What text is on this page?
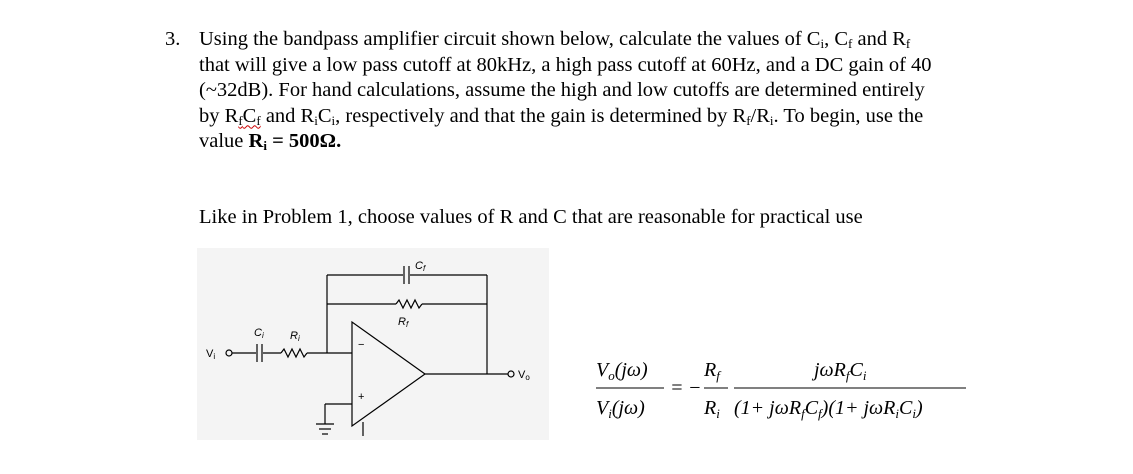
3. Using the bandpass amplifier circuit shown below, calculate the values of $C_i$, $C_f$ and $R_f$
that will give a low pass cutoff at 80kHz, a high pass cutoff at 60Hz, and a DC gain of 40
(~32dB). For hand calculations, assume the high and low cutoffs are determined entirely
by $R_fC_f$ and $R_iC_i$, respectively and that the gain is determined by $R_f/R_i$. To begin, use the
value $R_i = 500\Omega$.
Like in Problem 1, choose values of R and C that are reasonable for practical use
Cf
Rf
Ci Ri
Vi
Vo
−
+
$V_o(j\omega)$
$V_i(j\omega)$
= −
$R_f$
$R_i$
$j\omega R_fC_i$
$(1+ j\omega R_fC_f)(1+ j\omega R_iC_i)$
